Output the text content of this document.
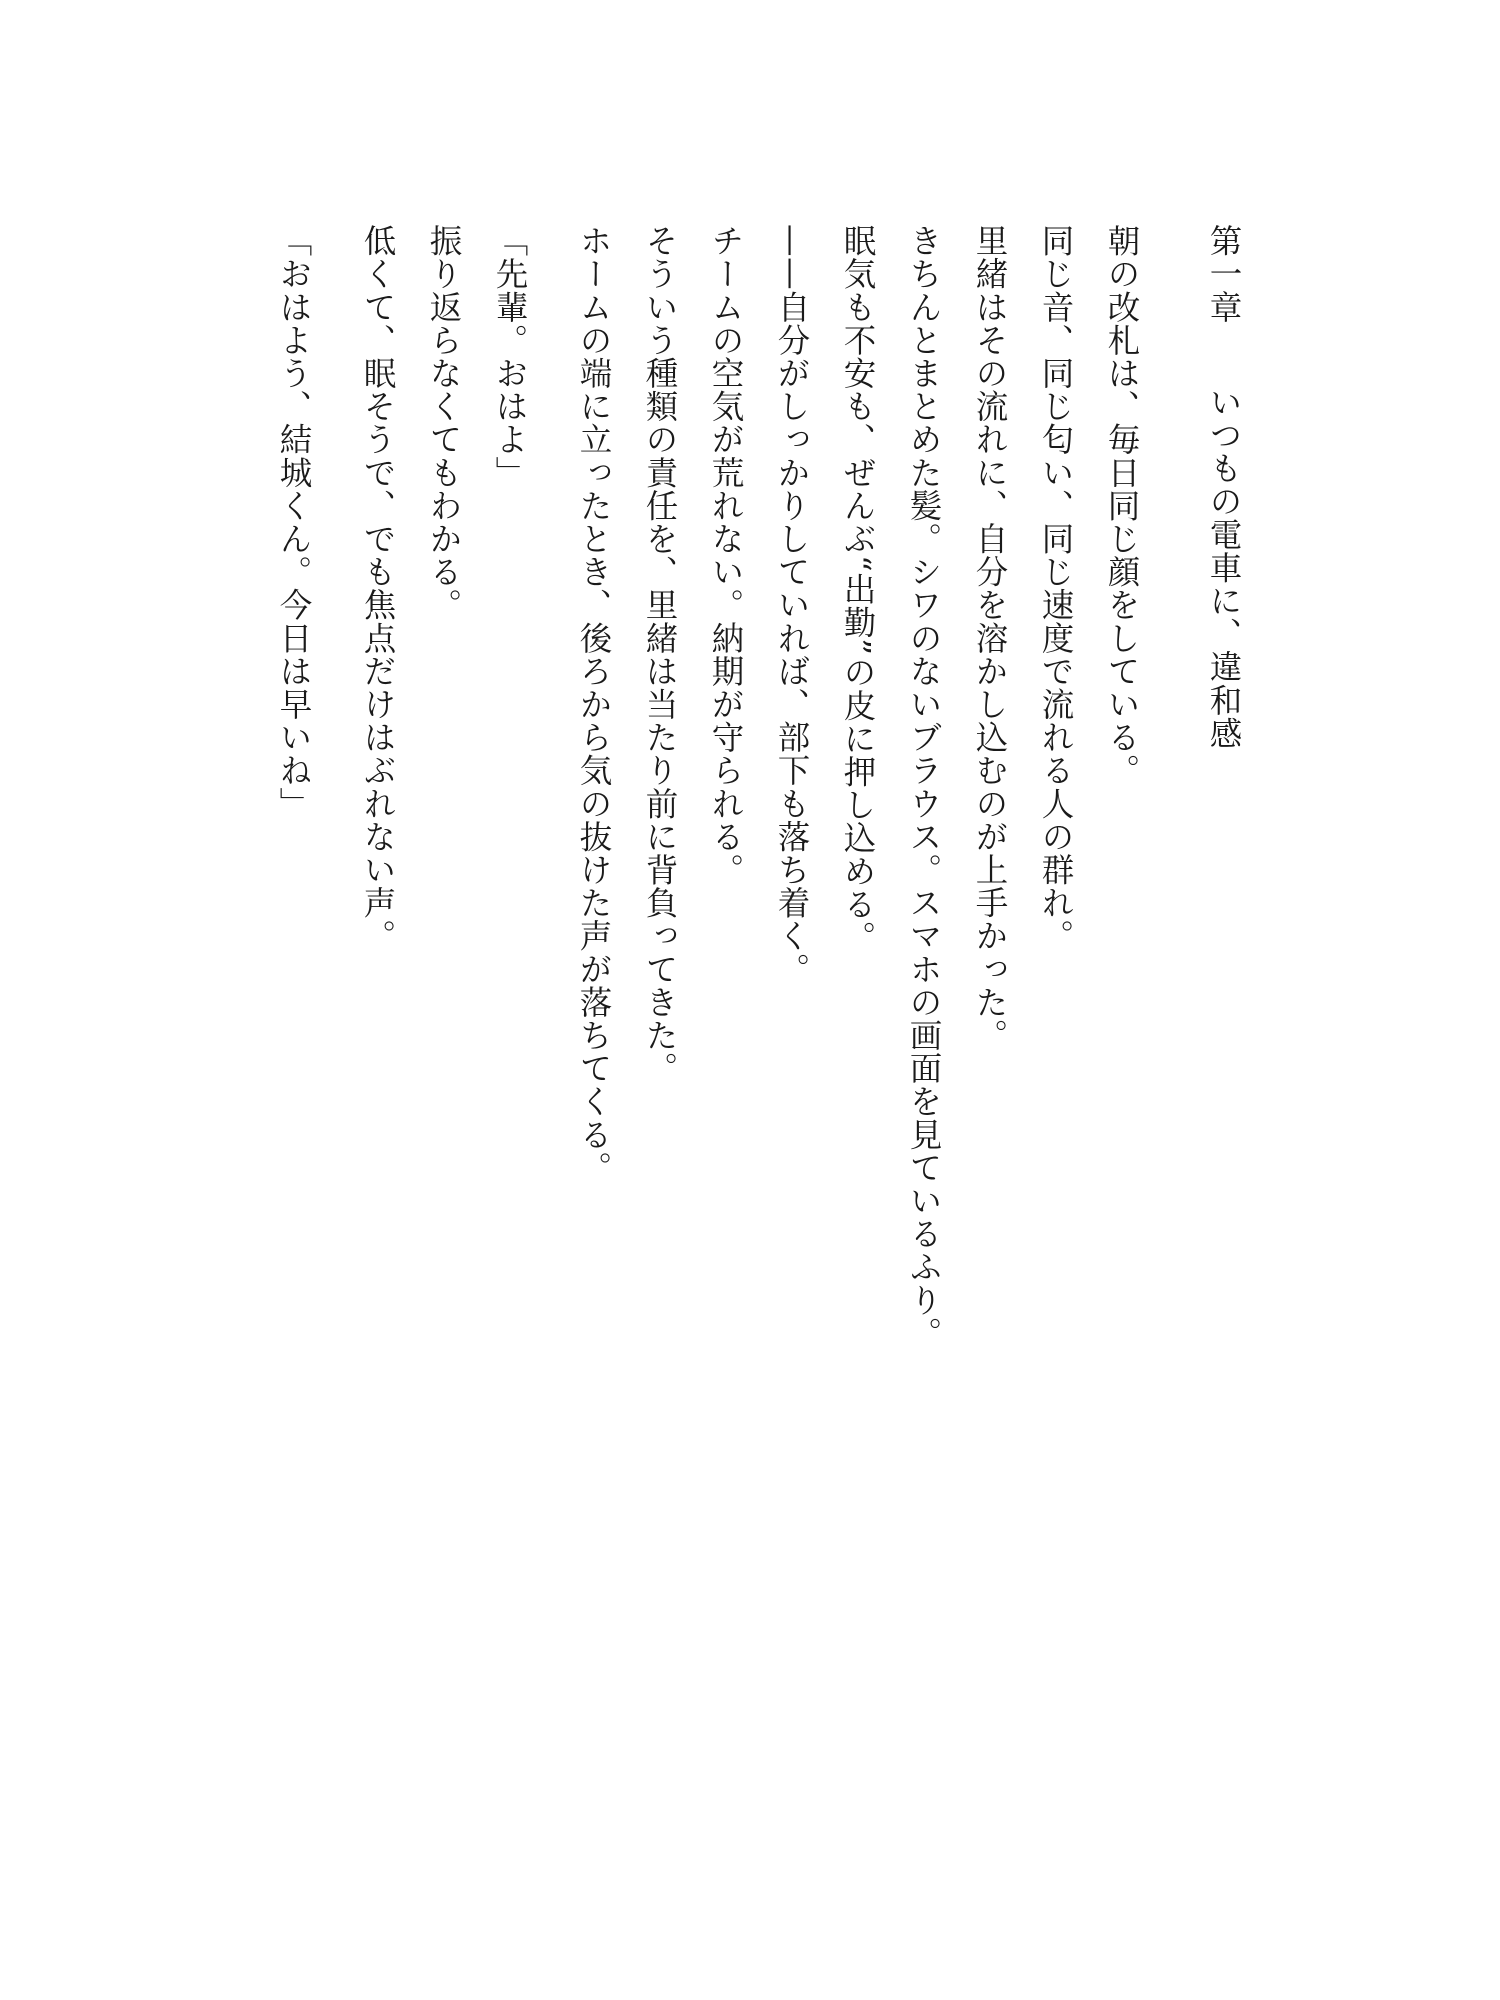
第一章いつもの電車に、違和感
朝の改札は、毎日同じ顔をしている。
同じ音、同じ匂い、同じ速度で流れる人の群れ。
里緒はその流れに、自分を溶かし込むのが上手かった。
きちんとまとめた髪。シワのないブラウス。スマホの画面を見ているふり。
眠気も不安も、ぜんぶ“出勤”の皮に押し込める。
——自分がしっかりしていれば、部下も落ち着く。
チームの空気が荒れない。納期が守られる。
そういう種類の責任を、里緒は当たり前に背負ってきた。
ホームの端に立ったとき、後ろから気の抜けた声が落ちてくる。
「先輩。おはよ」
振り返らなくてもわかる。
低くて、眠そうで、でも焦点だけはぶれない声。
「おはよう、結城くん。今日は早いね」
